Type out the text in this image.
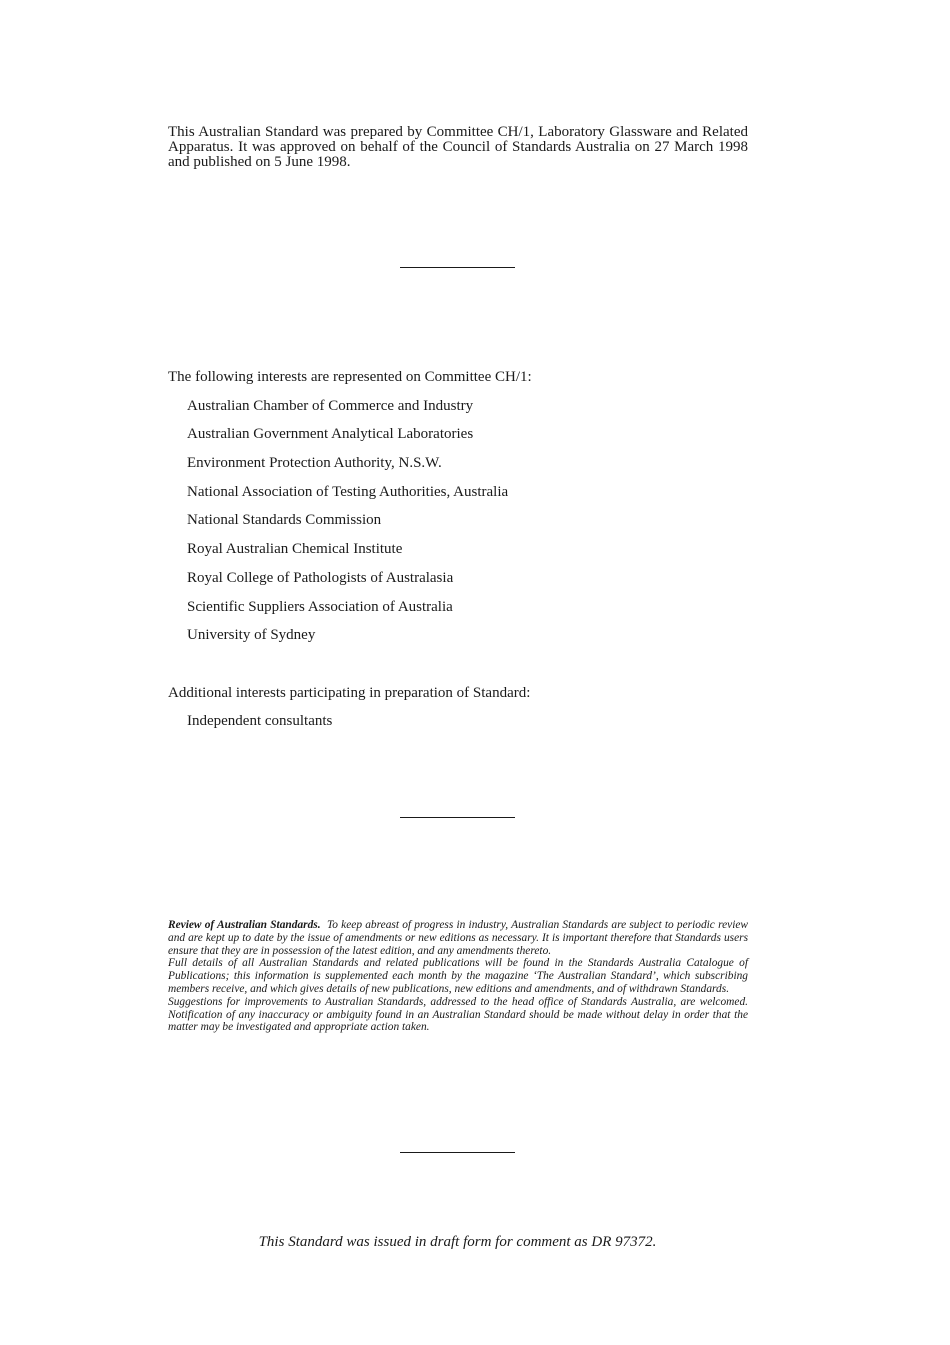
This Australian Standard was prepared by Committee CH/1, Laboratory Glassware and Related Apparatus. It was approved on behalf of the Council of Standards Australia on 27 March 1998 and published on 5 June 1998.
The following interests are represented on Committee CH/1:
Australian Chamber of Commerce and Industry
Australian Government Analytical Laboratories
Environment Protection Authority, N.S.W.
National Association of Testing Authorities, Australia
National Standards Commission
Royal Australian Chemical Institute
Royal College of Pathologists of Australasia
Scientific Suppliers Association of Australia
University of Sydney
Additional interests participating in preparation of Standard:
Independent consultants

Review of Australian Standards. To keep abreast of progress in industry, Australian Standards are subject to periodic review and are kept up to date by the issue of amendments or new editions as necessary. It is important therefore that Standards users ensure that they are in possession of the latest edition, and any amendments thereto.

Full details of all Australian Standards and related publications will be found in the Standards Australia Catalogue of Publications; this information is supplemented each month by the magazine ‘The Australian Standard’, which subscribing members receive, and which gives details of new publications, new editions and amendments, and of withdrawn Standards.

Suggestions for improvements to Australian Standards, addressed to the head office of Standards Australia, are welcomed. Notification of any inaccuracy or ambiguity found in an Australian Standard should be made without delay in order that the matter may be investigated and appropriate action taken.

This Standard was issued in draft form for comment as DR 97372.
